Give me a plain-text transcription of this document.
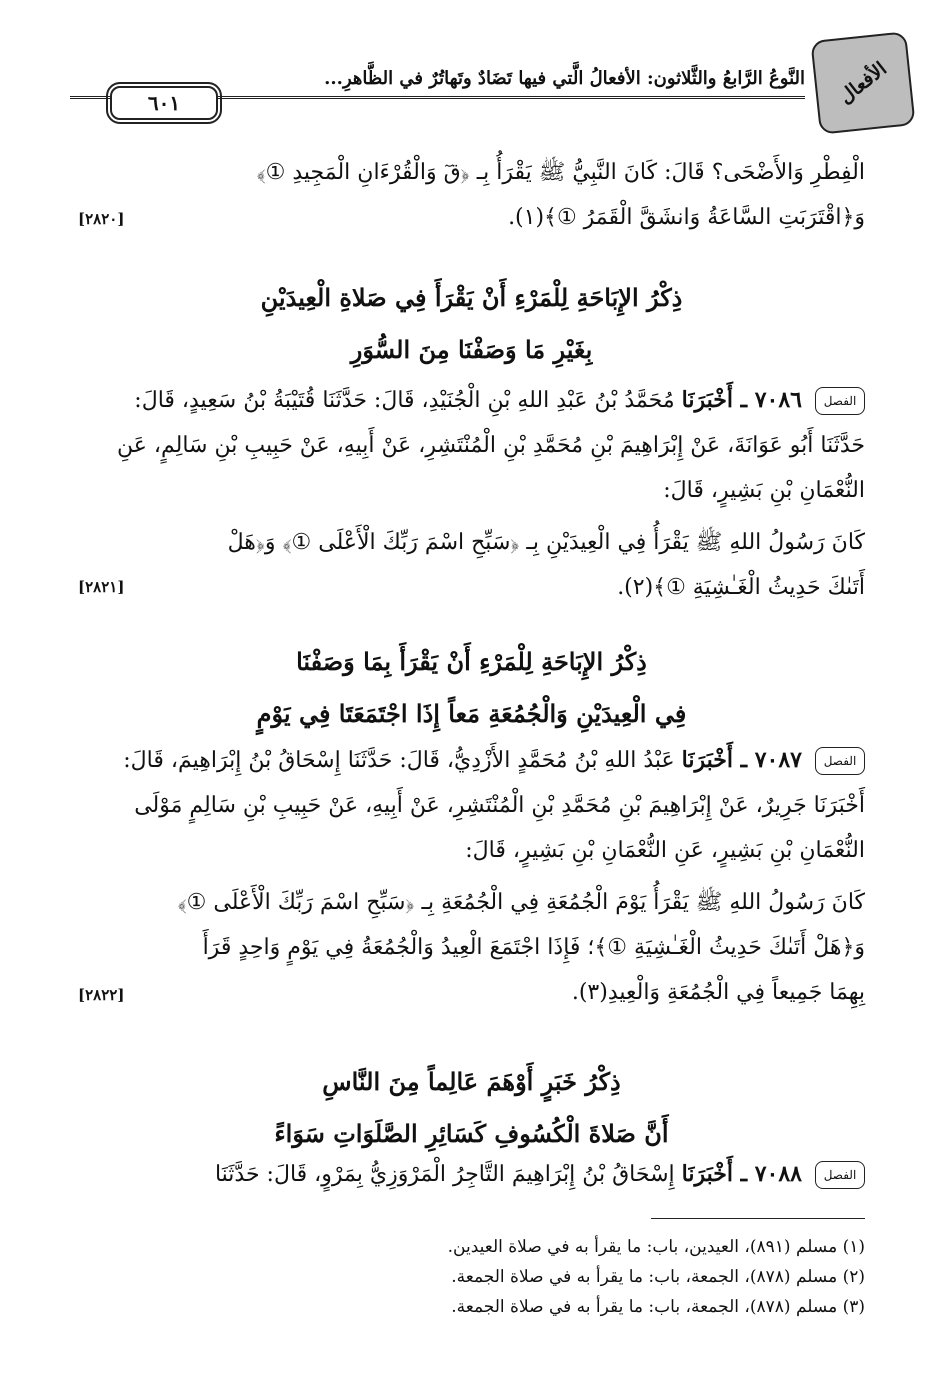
الأفعال
النَّوعُ الرَّابعُ والثَّلاثون: الأفعالُ الَّتي فيها تَضَادٌ وتَهاتُرٌ في الظَّاهرِ...
٦٠١
الْفِطْرِ وَالأَضْحَى؟ قَالَ: كَانَ النَّبِيُّ ﷺ يَقْرَأُ بِـ ﴿قٓ وَالْقُرْءَانِ الْمَجِيدِ ①﴾
وَ﴿اقْتَرَبَتِ السَّاعَةُ وَانشَقَّ الْقَمَرُ ①﴾(١).
[٢٨٢٠]
ذِكْرُ الإِبَاحَةِ لِلْمَرْءِ أَنْ يَقْرَأَ فِي صَلاةِ الْعِيدَيْنِ
بِغَيْرِ مَا وَصَفْنَا مِنَ السُّوَرِ
الفصل ٧٠٨٦ ـ أَخْبَرَنَا مُحَمَّدُ بْنُ عَبْدِ اللهِ بْنِ الْجُنَيْدِ، قَالَ: حَدَّثَنَا قُتَيْبَةُ بْنُ سَعِيدٍ، قَالَ:
حَدَّثَنَا أَبُو عَوَانَةَ، عَنْ إِبْرَاهِيمَ بْنِ مُحَمَّدِ بْنِ الْمُنْتَشِرِ، عَنْ أَبِيهِ، عَنْ حَبِيبِ بْنِ سَالِمٍ، عَنِ
النُّعْمَانِ بْنِ بَشِيرٍ، قَالَ:
كَانَ رَسُولُ اللهِ ﷺ يَقْرَأُ فِي الْعِيدَيْنِ بِـ ﴿سَبِّحِ اسْمَ رَبِّكَ الْأَعْلَى ①﴾ وَ﴿هَلْ
أَتَىٰكَ حَدِيثُ الْغَـٰشِيَةِ ①﴾(٢).
[٢٨٢١]
ذِكْرُ الإِبَاحَةِ لِلْمَرْءِ أَنْ يَقْرَأَ بِمَا وَصَفْنَا
فِي الْعِيدَيْنِ وَالْجُمُعَةِ مَعاً إِذَا اجْتَمَعَتَا فِي يَوْمٍ
الفصل ٧٠٨٧ ـ أَخْبَرَنَا عَبْدُ اللهِ بْنُ مُحَمَّدٍ الأَزْدِيُّ، قَالَ: حَدَّثَنَا إِسْحَاقُ بْنُ إِبْرَاهِيمَ، قَالَ:
أَخْبَرَنَا جَرِيرٌ، عَنْ إِبْرَاهِيمَ بْنِ مُحَمَّدِ بْنِ الْمُنْتَشِرِ، عَنْ أَبِيهِ، عَنْ حَبِيبِ بْنِ سَالِمٍ مَوْلَى
النُّعْمَانِ بْنِ بَشِيرٍ، عَنِ النُّعْمَانِ بْنِ بَشِيرٍ، قَالَ:
كَانَ رَسُولُ اللهِ ﷺ يَقْرَأُ يَوْمَ الْجُمُعَةِ فِي الْجُمُعَةِ بِـ ﴿سَبِّحِ اسْمَ رَبِّكَ الْأَعْلَى ①﴾
وَ﴿هَلْ أَتَىٰكَ حَدِيثُ الْغَـٰشِيَةِ ①﴾؛ فَإِذَا اجْتَمَعَ الْعِيدُ وَالْجُمُعَةُ فِي يَوْمٍ وَاحِدٍ قَرَأَ
بِهِمَا جَمِيعاً فِي الْجُمُعَةِ وَالْعِيدِ(٣).
[٢٨٢٢]
ذِكْرُ خَبَرٍ أَوْهَمَ عَالِماً مِنَ النَّاسِ
أَنَّ صَلاةَ الْكُسُوفِ كَسَائِرِ الصَّلَوَاتِ سَوَاءً
الفصل ٧٠٨٨ ـ أَخْبَرَنَا إِسْحَاقُ بْنُ إِبْرَاهِيمَ التَّاجِرُ الْمَرْوَزِيُّ بِمَرْوٍ، قَالَ: حَدَّثَنَا
(١) مسلم (٨٩١)، العيدين، باب: ما يقرأ به في صلاة العيدين.
(٢) مسلم (٨٧٨)، الجمعة، باب: ما يقرأ به في صلاة الجمعة.
(٣) مسلم (٨٧٨)، الجمعة، باب: ما يقرأ به في صلاة الجمعة.
